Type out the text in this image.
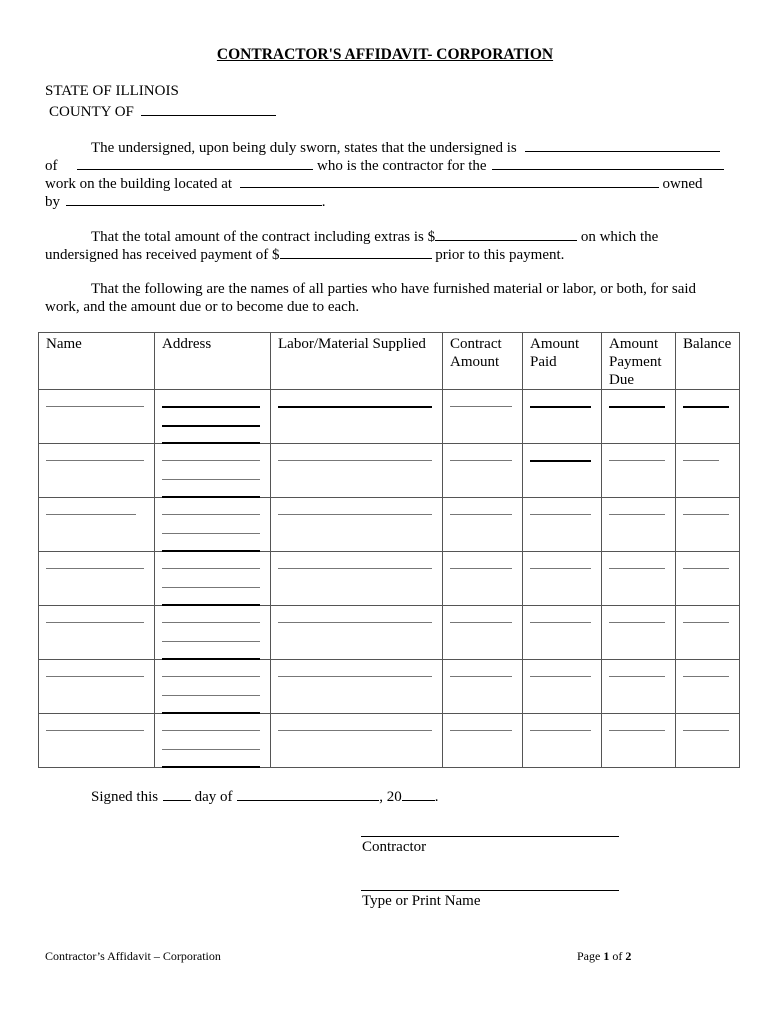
CONTRACTOR'S AFFIDAVIT- CORPORATION
STATE OF ILLINOIS
COUNTY OF
The undersigned, upon being duly sworn, states that the undersigned is
of	who is the contractor for the
work on the building located at	owned
by	.
That the total amount of the contract including extras is $	on which the
undersigned has received payment of $	prior to this payment.
That the following are the names of all parties who have furnished material or labor, or both, for said
work, and the amount due or to become due to each.
Name	Address	Labor/Material Supplied	Contract Amount	Amount Paid	Amount Payment Due	Balance

Signed this day of	, 20 .
Contractor
Type or Print Name
Contractor’s Affidavit – Corporation	Page 1 of 2
